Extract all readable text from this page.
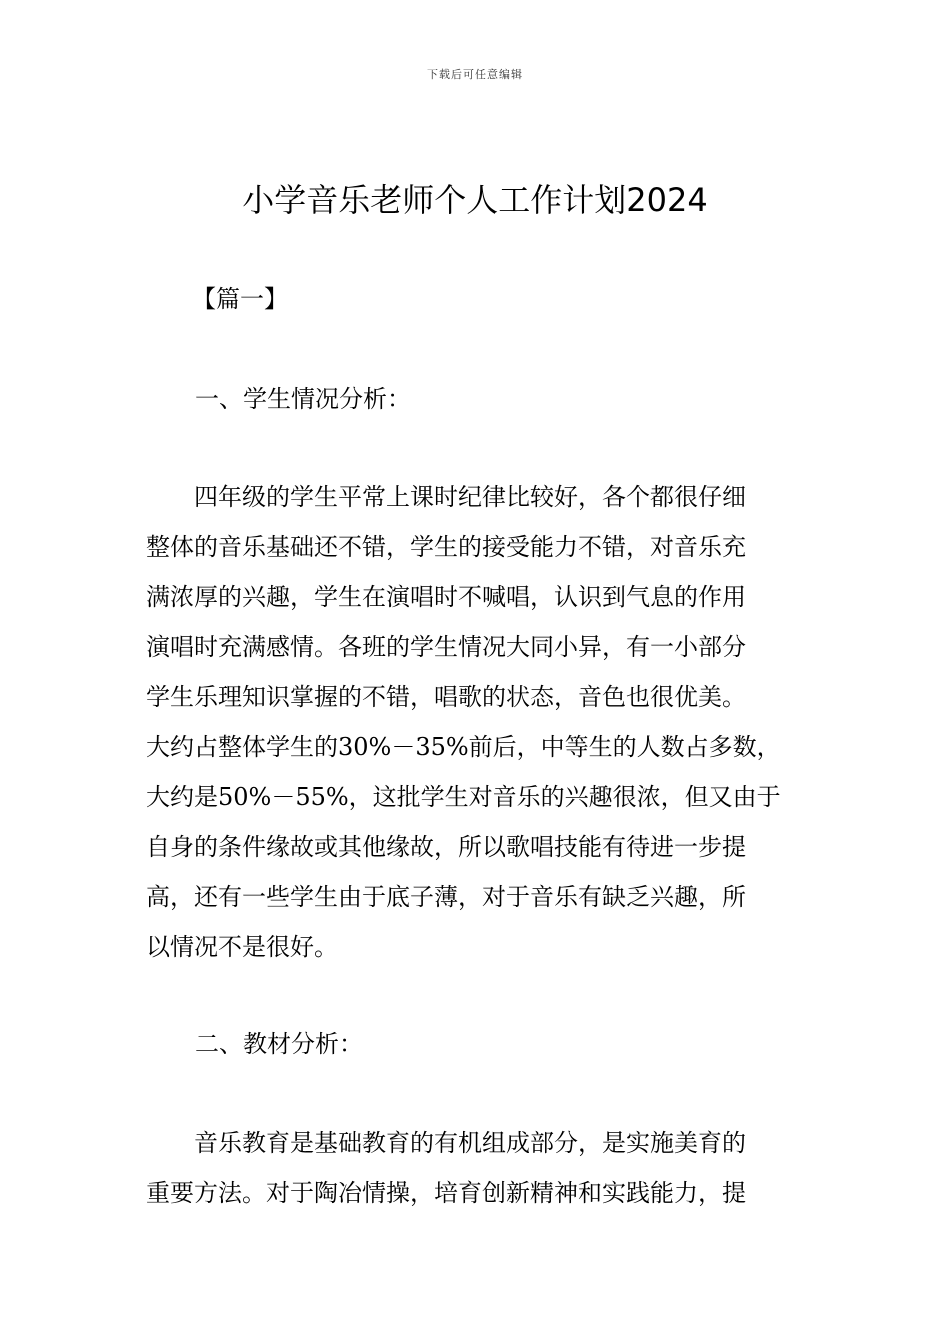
下载后可任意编辑
小学音乐老师个人工作计划2024
【篇一】
一、学生情况分析：
　　四年级的学生平常上课时纪律比较好，各个都很仔细
整体的音乐基础还不错，学生的接受能力不错，对音乐充
满浓厚的兴趣，学生在演唱时不喊唱，认识到气息的作用
演唱时充满感情。各班的学生情况大同小异，有一小部分
学生乐理知识掌握的不错，唱歌的状态，音色也很优美。
大约占整体学生的30%－35%前后，中等生的人数占多数，
大约是50%－55%，这批学生对音乐的兴趣很浓，但又由于
自身的条件缘故或其他缘故，所以歌唱技能有待进一步提
高，还有一些学生由于底子薄，对于音乐有缺乏兴趣，所
以情况不是很好。
二、教材分析：
　　音乐教育是基础教育的有机组成部分，是实施美育的
重要方法。对于陶冶情操，培育创新精神和实践能力，提
